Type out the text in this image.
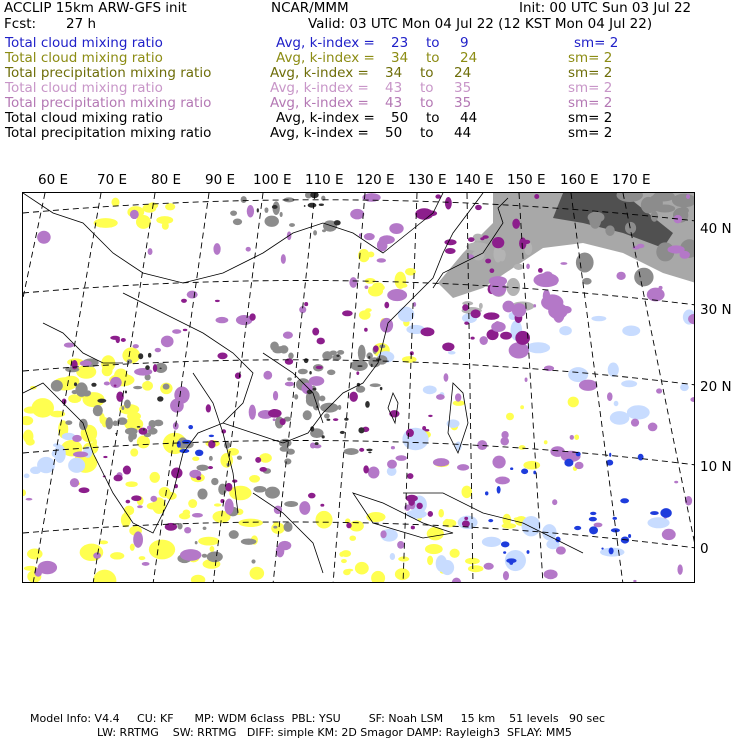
ACCLIP 15km ARW-GFS init	NCAR/MMM	Init: 00 UTC Sun 03 Jul 22
Fcst: 27 h	Valid: 03 UTC Mon 04 Jul 22 (12 KST Mon 04 Jul 22)
Total cloud mixing ratio	Avg, k-index = 23 to 9	sm= 2
Total cloud mixing ratio	Avg, k-index = 34 to 24	sm= 2
Total precipitation mixing ratio	Avg, k-index = 34 to 24	sm= 2
Total cloud mixing ratio	Avg, k-index = 43 to 35	sm= 2
Total precipitation mixing ratio	Avg, k-index = 43 to 35	sm= 2
Total cloud mixing ratio	Avg, k-index = 50 to 44	sm= 2
Total precipitation mixing ratio	Avg, k-index = 50 to 44	sm= 2
60 E 70 E 80 E 90 E 100 E 110 E 120 E 130 E 140 E 150 E 160 E 170 E
40 N
30 N
20 N
10 N
0
Model Info: V4.4     CU: KF      MP: WDM 6class  PBL: YSU        SF: Noah LSM     15 km    51 levels   90 sec
LW: RRTMG    SW: RRTMG   DIFF: simple KM: 2D Smagor DAMP: Rayleigh3  SFLAY: MM5
